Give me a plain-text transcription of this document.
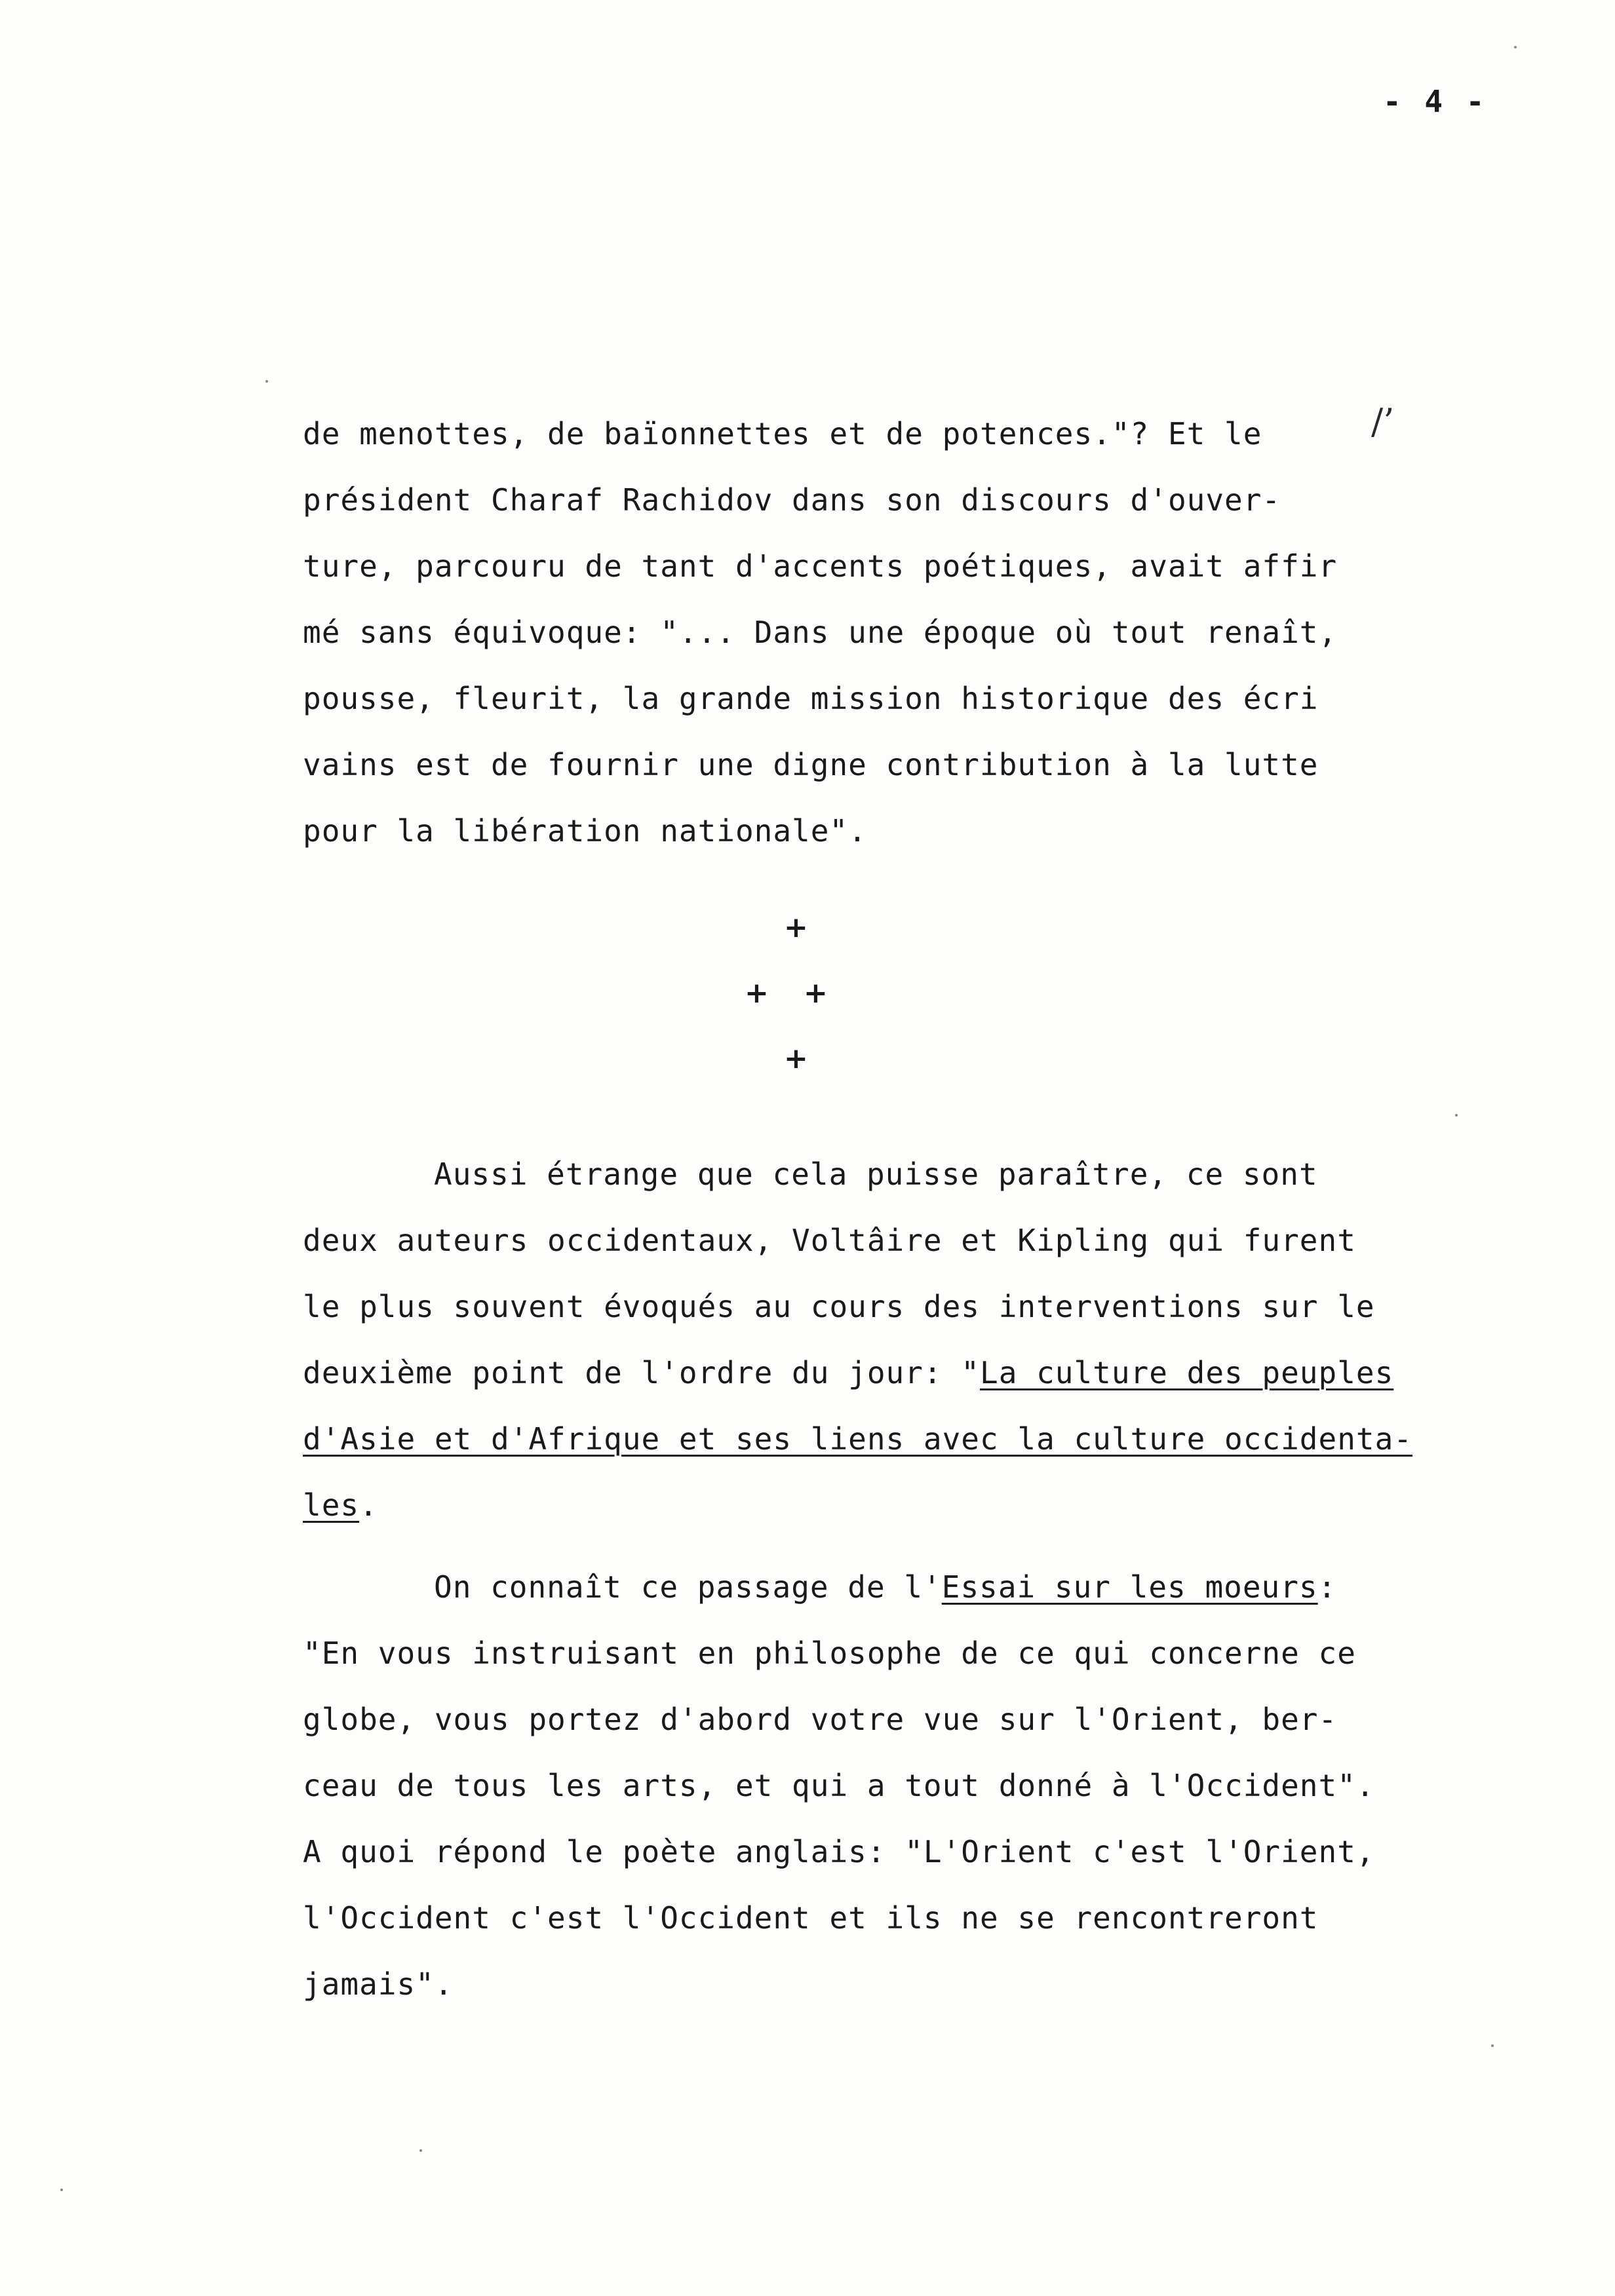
- 4 -
de menottes, de baïonnettes et de potences."? Et le
président Charaf Rachidov dans son discours d'ouver-
ture, parcouru de tant d'accents poétiques, avait affir
mé sans équivoque: "... Dans une époque où tout renaît,
pousse, fleurit, la grande mission historique des écri
vains est de fournir une digne contribution à la lutte
pour la libération nationale".
/’
+
+ +
+
Aussi étrange que cela puisse paraître, ce sont
deux auteurs occidentaux, Voltâire et Kipling qui furent
le plus souvent évoqués au cours des interventions sur le
deuxième point de l'ordre du jour: "La culture des peuples
d'Asie et d'Afrique et ses liens avec la culture occidenta-
les.
On connaît ce passage de l'Essai sur les moeurs:
"En vous instruisant en philosophe de ce qui concerne ce
globe, vous portez d'abord votre vue sur l'Orient, ber-
ceau de tous les arts, et qui a tout donné à l'Occident".
A quoi répond le poète anglais: "L'Orient c'est l'Orient,
l'Occident c'est l'Occident et ils ne se rencontreront
jamais".
